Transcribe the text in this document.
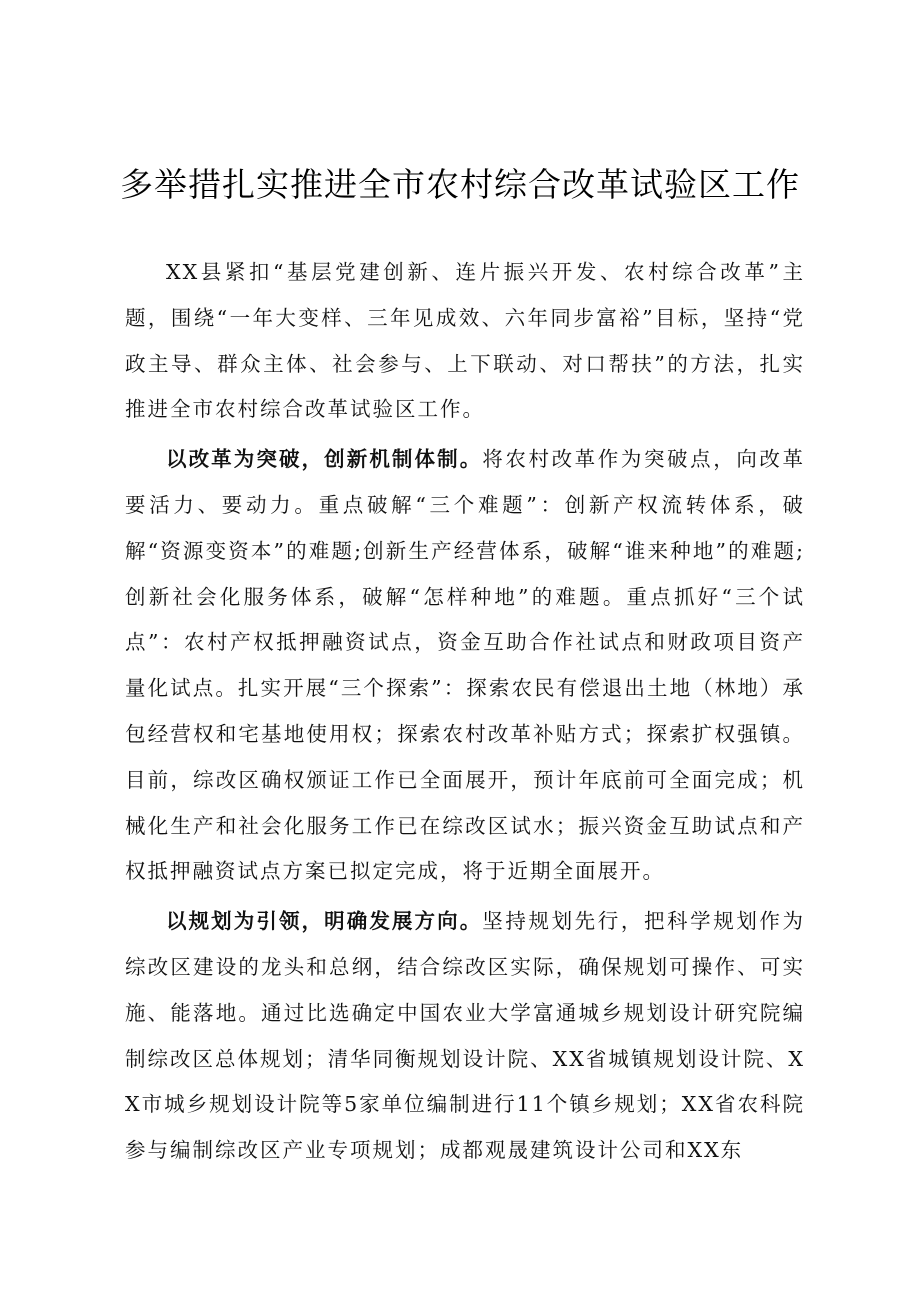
多举措扎实推进全市农村综合改革试验区工作

XX县紧扣“基层党建创新、连片振兴开发、农村综合改革”主题，围绕“一年大变样、三年见成效、六年同步富裕”目标，坚持“党政主导、群众主体、社会参与、上下联动、对口帮扶”的方法，扎实推进全市农村综合改革试验区工作。

以改革为突破，创新机制体制。将农村改革作为突破点，向改革要活力、要动力。重点破解“三个难题”：创新产权流转体系，破解“资源变资本”的难题;创新生产经营体系，破解“谁来种地”的难题;创新社会化服务体系，破解“怎样种地”的难题。重点抓好“三个试点”：农村产权抵押融资试点，资金互助合作社试点和财政项目资产量化试点。扎实开展“三个探索”：探索农民有偿退出土地（林地）承包经营权和宅基地使用权；探索农村改革补贴方式；探索扩权强镇。目前，综改区确权颁证工作已全面展开，预计年底前可全面完成；机械化生产和社会化服务工作已在综改区试水；振兴资金互助试点和产权抵押融资试点方案已拟定完成，将于近期全面展开。

以规划为引领，明确发展方向。坚持规划先行，把科学规划作为综改区建设的龙头和总纲，结合综改区实际，确保规划可操作、可实施、能落地。通过比选确定中国农业大学富通城乡规划设计研究院编制综改区总体规划；清华同衡规划设计院、XX省城镇规划设计院、XX市城乡规划设计院等5家单位编制进行11个镇乡规划；XX省农科院参与编制综改区产业专项规划；成都观晟建筑设计公司和XX东
